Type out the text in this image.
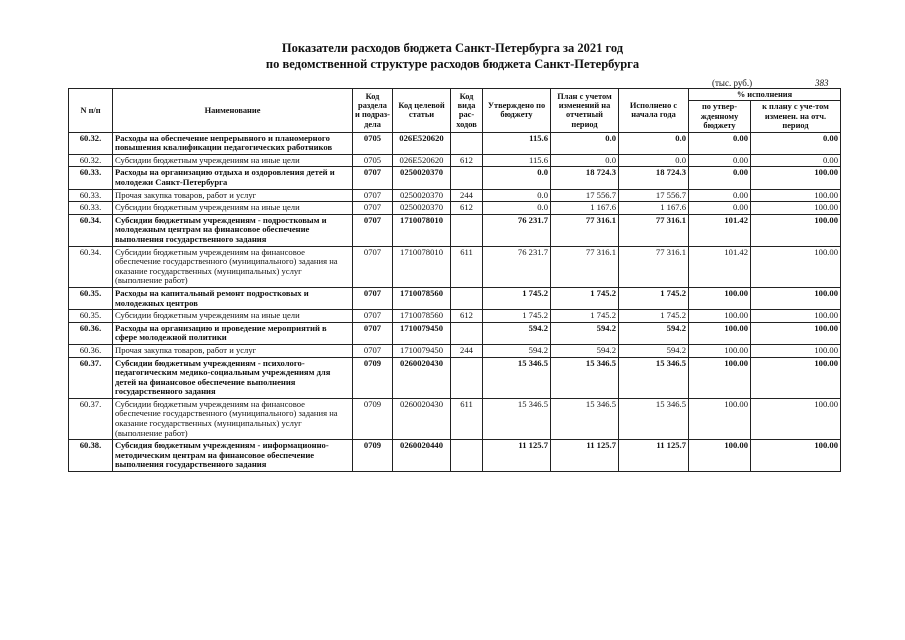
Показатели расходов бюджета Санкт-Петербурга за 2021 год
по ведомственной структуре расходов бюджета Санкт-Петербурга
(тыс. руб.)	383
N п/п	Наименование	Код раздела и подраз-дела	Код целевой статьи	Код вида рас-ходов	Утверждено по бюджету	План с учетом изменений на отчетный период	Исполнено с начала года	% исполнения	
								по утвер-жденному бюджету	к плану с уче-том изменен. на отч. период
60.32.	Расходы на обеспечение непрерывного и планомерного повышения квалификации педагогических работников	0705	026Е520620		115.6	0.0	0.0	0.00	0.00
60.32.	Субсидии бюджетным учреждениям на иные цели	0705	026Е520620	612	115.6	0.0	0.0	0.00	0.00
60.33.	Расходы на организацию отдыха и оздоровления детей и молодежи Санкт-Петербурга	0707	0250020370		0.0	18 724.3	18 724.3	0.00	100.00
60.33.	Прочая закупка товаров, работ и услуг	0707	0250020370	244	0.0	17 556.7	17 556.7	0.00	100.00
60.33.	Субсидии бюджетным учреждениям на иные цели	0707	0250020370	612	0.0	1 167.6	1 167.6	0.00	100.00
60.34.	Субсидии бюджетным учреждениям - подростковым и молодежным центрам на финансовое обеспечение выполнения государственного задания	0707	1710078010		76 231.7	77 316.1	77 316.1	101.42	100.00
60.34.	Субсидии бюджетным учреждениям на финансовое обеспечение государственного (муниципального) задания на оказание государственных (муниципальных) услуг (выполнение работ)	0707	1710078010	611	76 231.7	77 316.1	77 316.1	101.42	100.00
60.35.	Расходы на капитальный ремонт подростковых и молодежных центров	0707	1710078560		1 745.2	1 745.2	1 745.2	100.00	100.00
60.35.	Субсидии бюджетным учреждениям на иные цели	0707	1710078560	612	1 745.2	1 745.2	1 745.2	100.00	100.00
60.36.	Расходы на организацию и проведение мероприятий в сфере молодежной политики	0707	1710079450		594.2	594.2	594.2	100.00	100.00
60.36.	Прочая закупка товаров, работ и услуг	0707	1710079450	244	594.2	594.2	594.2	100.00	100.00
60.37.	Субсидии бюджетным учреждениям - психолого-педагогическим медико-социальным учреждениям для детей на финансовое обеспечение выполнения государственного задания	0709	0260020430		15 346.5	15 346.5	15 346.5	100.00	100.00
60.37.	Субсидии бюджетным учреждениям на финансовое обеспечение государственного (муниципального) задания на оказание государственных (муниципальных) услуг (выполнение работ)	0709	0260020430	611	15 346.5	15 346.5	15 346.5	100.00	100.00
60.38.	Субсидия бюджетным учреждениям - информационно-методическим центрам на финансовое обеспечение выполнения государственного задания	0709	0260020440		11 125.7	11 125.7	11 125.7	100.00	100.00
